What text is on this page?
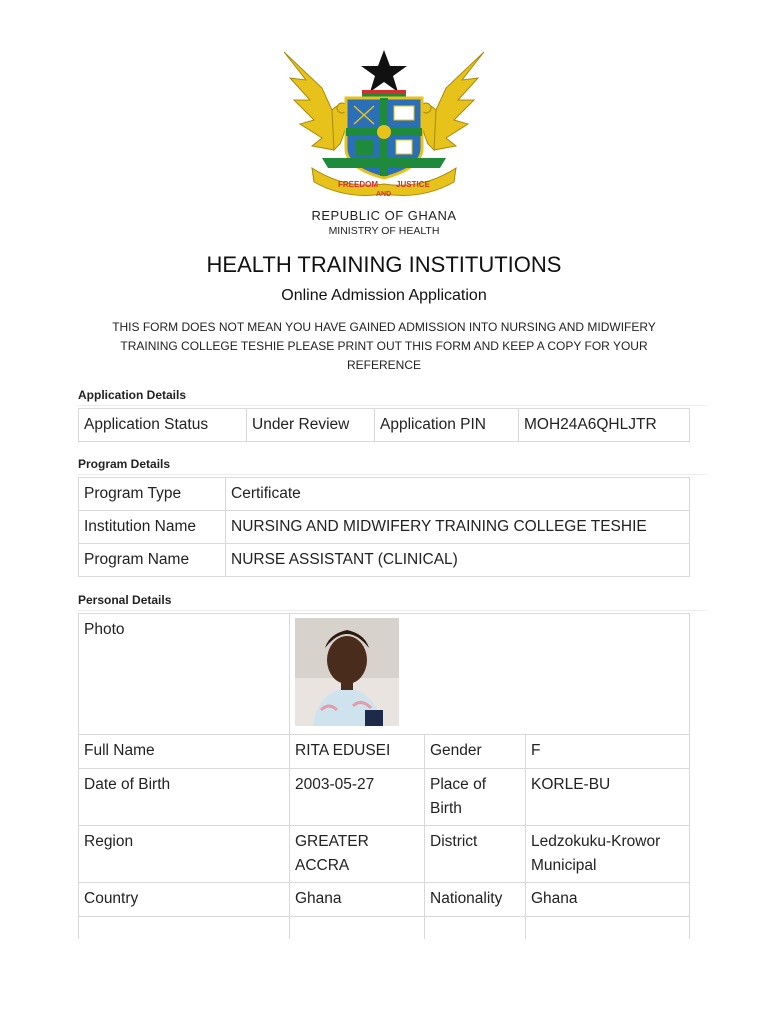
FREEDOM
AND
JUSTICE
REPUBLIC OF GHANA
MINISTRY OF HEALTH
HEALTH TRAINING INSTITUTIONS
Online Admission Application
THIS FORM DOES NOT MEAN YOU HAVE GAINED ADMISSION INTO NURSING AND MIDWIFERY TRAINING COLLEGE TESHIE PLEASE PRINT OUT THIS FORM AND KEEP A COPY FOR YOUR REFERENCE
Application Details
Application Status	Under Review	Application PIN	MOH24A6QHLJTR
Program Details
Program Type	Certificate
Institution Name	NURSING AND MIDWIFERY TRAINING COLLEGE TESHIE
Program Name	NURSE ASSISTANT (CLINICAL)
Personal Details
Photo	
Full Name	RITA EDUSEI	Gender	F
Date of Birth	2003-05-27	Place of Birth	KORLE-BU
Region	GREATER ACCRA	District	Ledzokuku-Krowor Municipal
Country	Ghana	Nationality	Ghana
